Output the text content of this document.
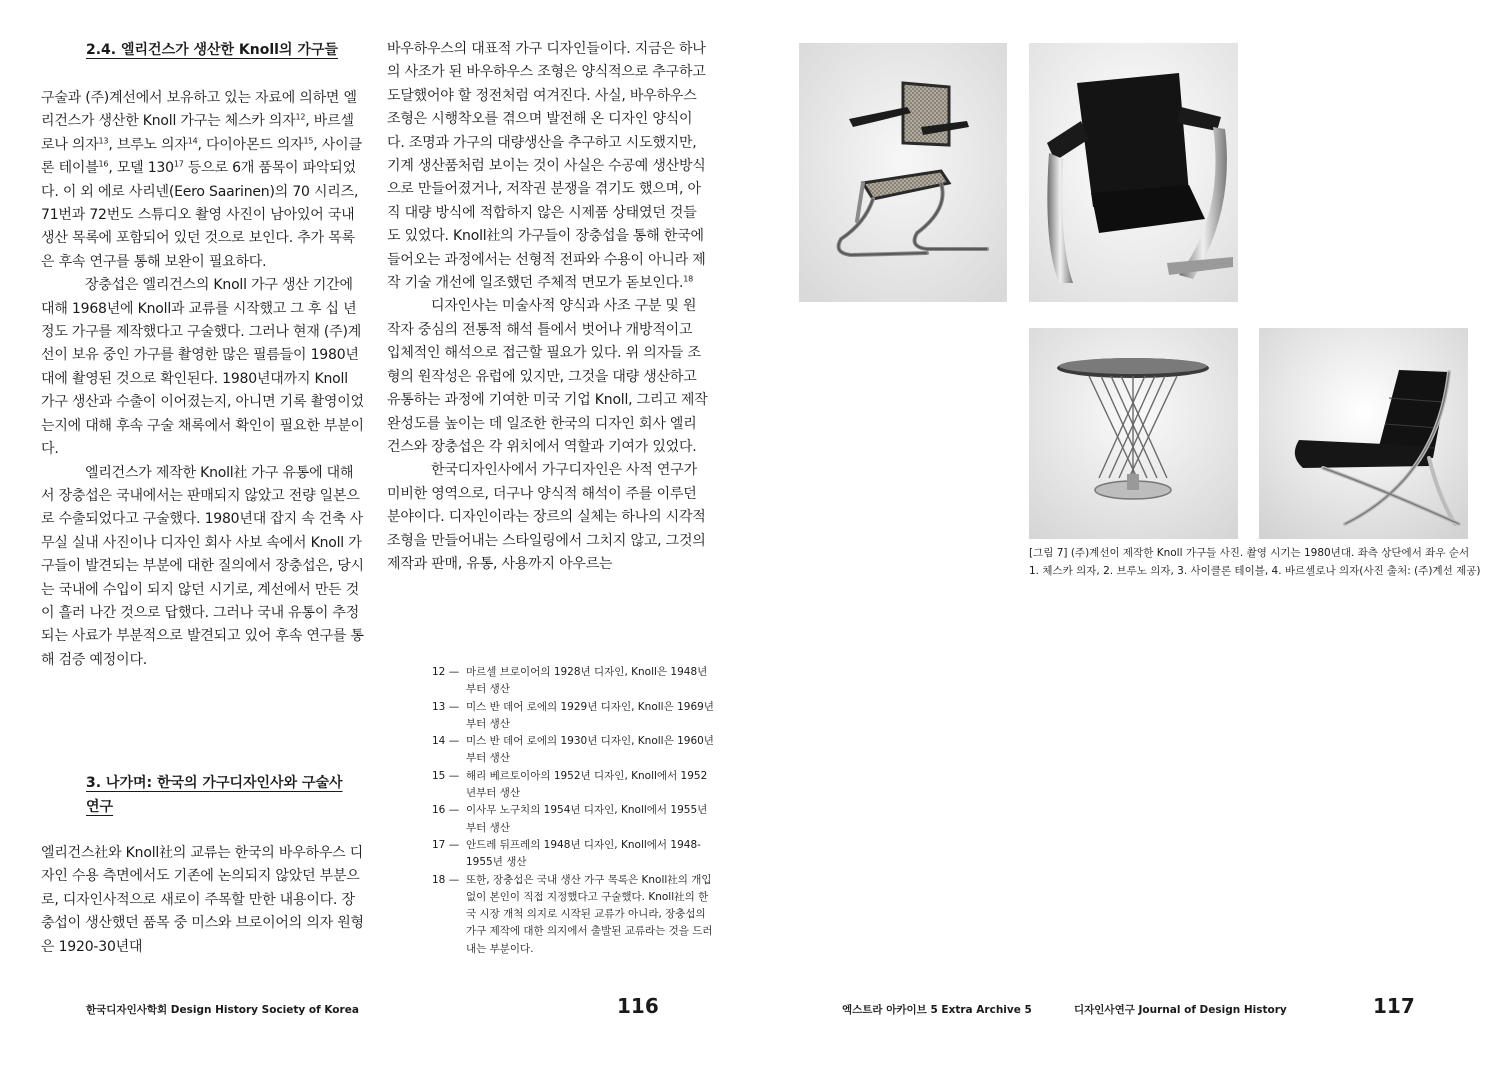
2.4. 엘리건스가 생산한 Knoll의 가구들

구술과 (주)계선에서 보유하고 있는 자료에 의하면 엘리건스가 생산한 Knoll 가구는 체스카 의자$^{12}$, 바르셀로나 의자$^{13}$, 브루노 의자$^{14}$, 다이아몬드 의자$^{15}$, 사이클론 테이블$^{16}$, 모델 $130^{17}$ 등으로 6개 품목이 파악되었다. 이 외 에로 사리넨(Eero Saarinen)의 70 시리즈, 71번과 72번도 스튜디오 촬영 사진이 남아있어 국내 생산 목록에 포함되어 있던 것으로 보인다. 추가 목록은 후속 연구를 통해 보완이 필요하다.

장충섭은 엘리건스의 Knoll 가구 생산 기간에 대해 1968년에 Knoll과 교류를 시작했고 그 후 십 년 정도 가구를 제작했다고 구술했다. 그러나 현재 (주)계선이 보유 중인 가구를 촬영한 많은 필름들이 1980년대에 촬영된 것으로 확인된다. 1980년대까지 Knoll 가구 생산과 수출이 이어졌는지, 아니면 기록 촬영이었는지에 대해 후속 구술 채록에서 확인이 필요한 부분이다.

엘리건스가 제작한 Knoll社 가구 유통에 대해서 장충섭은 국내에서는 판매되지 않았고 전량 일본으로 수출되었다고 구술했다. 1980년대 잡지 속 건축 사무실 실내 사진이나 디자인 회사 사보 속에서 Knoll 가구들이 발견되는 부분에 대한 질의에서 장충섭은, 당시는 국내에 수입이 되지 않던 시기로, 계선에서 만든 것이 흘러 나간 것으로 답했다. 그러나 국내 유통이 추정되는 사료가 부분적으로 발견되고 있어 후속 연구를 통해 검증 예정이다.

3. 나가며: 한국의 가구디자인사와 구술사 연구

엘리건스社와 Knoll社의 교류는 한국의 바우하우스 디자인 수용 측면에서도 기존에 논의되지 않았던 부분으로, 디자인사적으로 새로이 주목할 만한 내용이다. 장충섭이 생산했던 품목 중 미스와 브로이어의 의자 원형은 1920-30년대

바우하우스의 대표적 가구 디자인들이다. 지금은 하나의 사조가 된 바우하우스 조형은 양식적으로 추구하고 도달했어야 할 정전처럼 여겨진다. 사실, 바우하우스 조형은 시행착오를 겪으며 발전해 온 디자인 양식이다. 조명과 가구의 대량생산을 추구하고 시도했지만, 기계 생산품처럼 보이는 것이 사실은 수공예 생산방식으로 만들어졌거나, 저작권 분쟁을 겪기도 했으며, 아직 대량 방식에 적합하지 않은 시제품 상태였던 것들도 있었다. Knoll社의 가구들이 장충섭을 통해 한국에 들어오는 과정에서는 선형적 전파와 수용이 아니라 제작 기술 개선에 일조했던 주체적 면모가 돋보인다.$^{18}$

디자인사는 미술사적 양식과 사조 구분 및 원작자 중심의 전통적 해석 틀에서 벗어나 개방적이고 입체적인 해석으로 접근할 필요가 있다. 위 의자들 조형의 원작성은 유럽에 있지만, 그것을 대량 생산하고 유통하는 과정에 기여한 미국 기업 Knoll, 그리고 제작 완성도를 높이는 데 일조한 한국의 디자인 회사 엘리건스와 장충섭은 각 위치에서 역할과 기여가 있었다.

한국디자인사에서 가구디자인은 사적 연구가 미비한 영역으로, 더구나 양식적 해석이 주를 이루던 분야이다. 디자인이라는 장르의 실체는 하나의 시각적 조형을 만들어내는 스타일링에서 그치지 않고, 그것의 제작과 판매, 유통, 사용까지 아우르는

12 — 마르셀 브로이어의 1928년 디자인, Knoll은 1948년부터 생산
13 — 미스 반 데어 로에의 1929년 디자인, Knoll은 1969년부터 생산
14 — 미스 반 데어 로에의 1930년 디자인, Knoll은 1960년부터 생산
15 — 해리 베르토이아의 1952년 디자인, Knoll에서 1952년부터 생산
16 — 이사무 노구치의 1954년 디자인, Knoll에서 1955년부터 생산
17 — 안드레 뒤프레의 1948년 디자인, Knoll에서 1948-1955년 생산
18 — 또한, 장충섭은 국내 생산 가구 목록은 Knoll社의 개입 없이 본인이 직접 지정했다고 구술했다. Knoll社의 한국 시장 개척 의지로 시작된 교류가 아니라, 장충섭의 가구 제작에 대한 의지에서 출발된 교류라는 것을 드러내는 부분이다.
[그림 7] (주)계선이 제작한 Knoll 가구들 사진. 촬영 시기는 1980년대. 좌측 상단에서 좌우 순서
1. 체스카 의자, 2. 브루노 의자, 3. 사이클론 테이블, 4. 바르셀로나 의자(사진 출처: (주)계선 제공)
한국디자인사학회 Design History Society of Korea	116	엑스트라 아카이브 5 Extra Archive 5	디자인사연구 Journal of Design History	117
